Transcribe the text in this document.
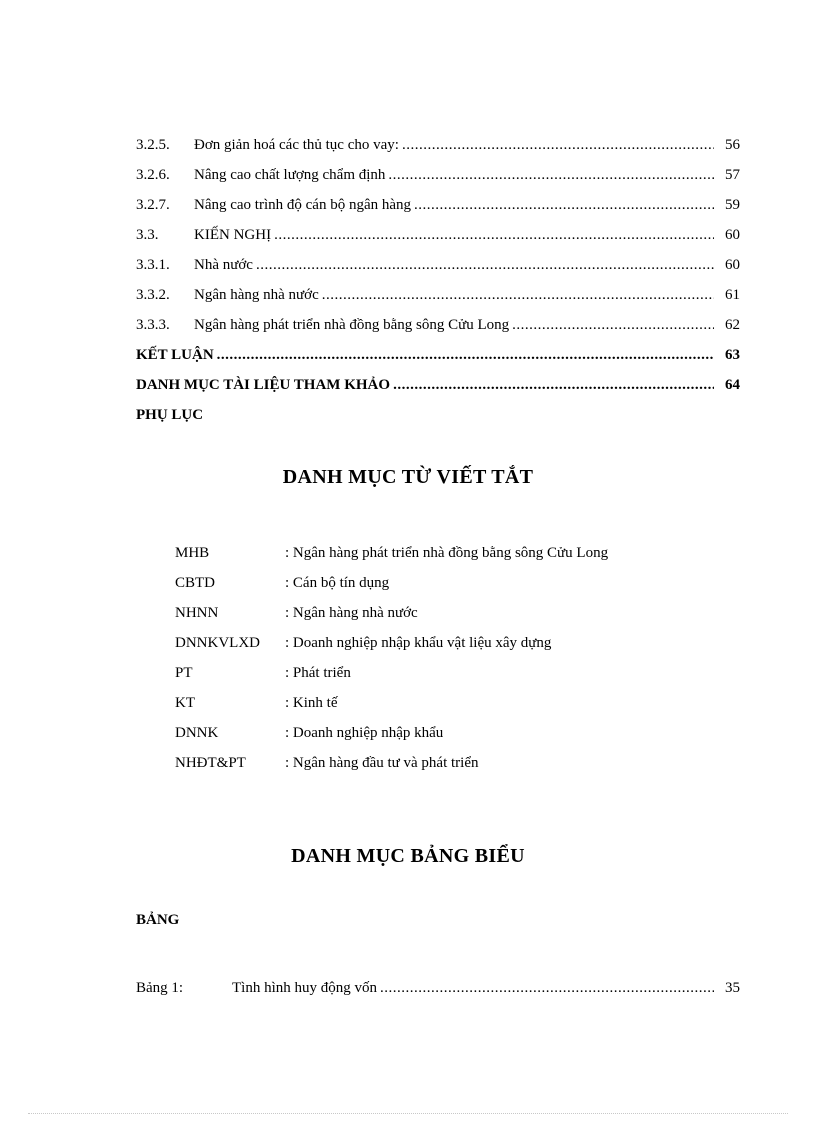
3.2.5.	Đơn giản hoá các thủ tục cho vay: .....	56
3.2.6.	Nâng cao chất lượng chẩm định .....	57
3.2.7.	Nâng cao trình độ cán bộ ngân hàng .....	59
3.3.	KIẾN NGHỊ .....	60
3.3.1.	Nhà nước .....	60
3.3.2.	Ngân hàng nhà nước .....	61
3.3.3.	Ngân hàng phát triển nhà đồng bằng sông Cửu Long .....	62
KẾT LUẬN .....	63
DANH MỤC TÀI LIỆU THAM KHẢO .....	64
PHỤ LỤC
DANH MỤC TỪ VIẾT TẮT
MHB	: Ngân hàng phát triển nhà đồng bằng sông Cửu Long
CBTD	: Cán bộ tín dụng
NHNN	: Ngân hàng nhà nước
DNNKVLXD	: Doanh nghiệp nhập khẩu vật liệu xây dựng
PT	: Phát triển
KT	: Kinh tế
DNNK	: Doanh nghiệp nhập khẩu
NHĐT&PT	: Ngân hàng đầu tư và phát triển
DANH MỤC BẢNG BIỂU
BẢNG
Bảng 1:	Tình hình huy động vốn .....	35
